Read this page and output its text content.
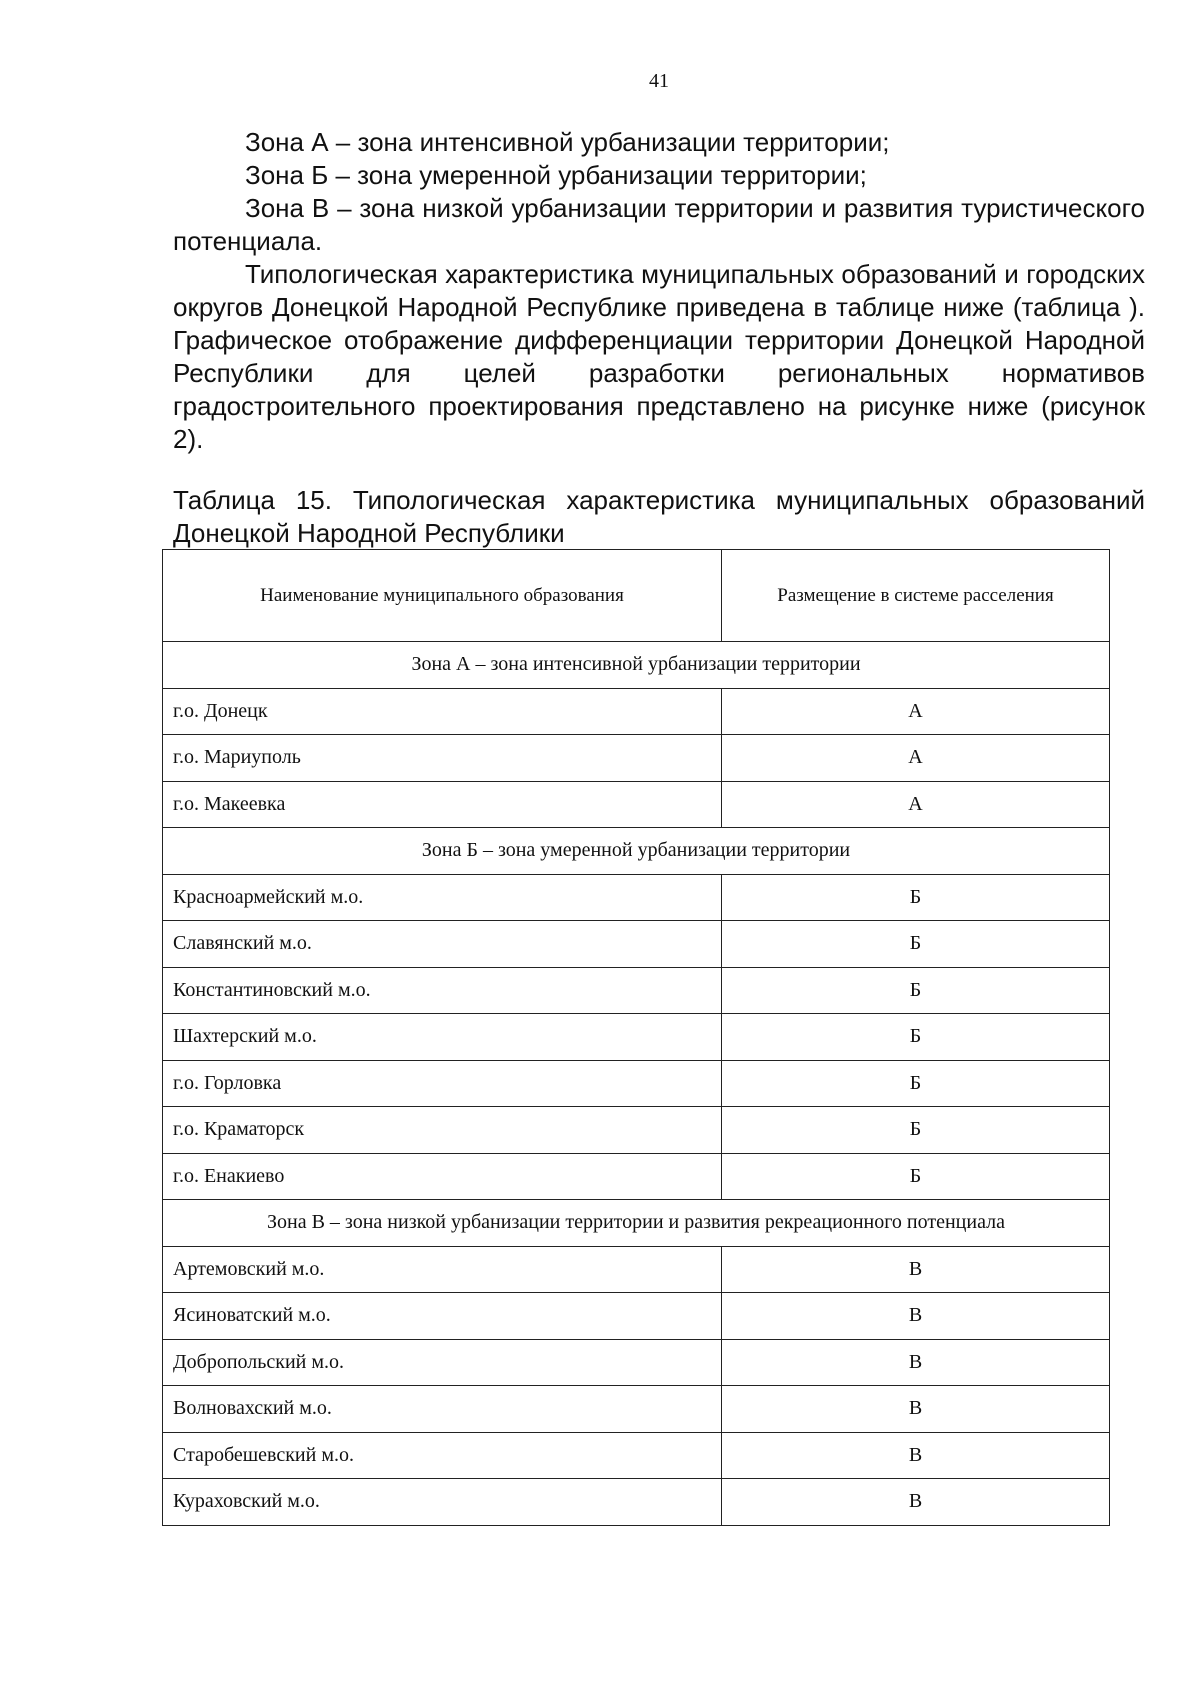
41

Зона А – зона интенсивной урбанизации территории;

Зона Б – зона умеренной урбанизации территории;

Зона В – зона низкой урбанизации территории и развития туристического потенциала.

Типологическая характеристика муниципальных образований и городских округов Донецкой Народной Республике приведена в таблице ниже (таблица ). Графическое отображение дифференциации территории Донецкой Народной Республики для целей разработки региональных нормативов градостроительного проектирования представлено на рисунке ниже (рисунок 2).

Таблица 15. Типологическая характеристика муниципальных образований Донецкой Народной Республики
Наименование муниципального образования	Размещение в системе расселения
Зона А – зона интенсивной урбанизации территории	
г.о. Донецк	А
г.о. Мариуполь	А
г.о. Макеевка	А
Зона Б – зона умеренной урбанизации территории	
Красноармейский м.о.	Б
Славянский м.о.	Б
Константиновский м.о.	Б
Шахтерский м.о.	Б
г.о. Горловка	Б
г.о. Краматорск	Б
г.о. Енакиево	Б
Зона В – зона низкой урбанизации территории и развития рекреационного потенциала	
Артемовский м.о.	В
Ясиноватский м.о.	В
Добропольский м.о.	В
Волновахский м.о.	В
Старобешевский м.о.	В
Кураховский м.о.	В
